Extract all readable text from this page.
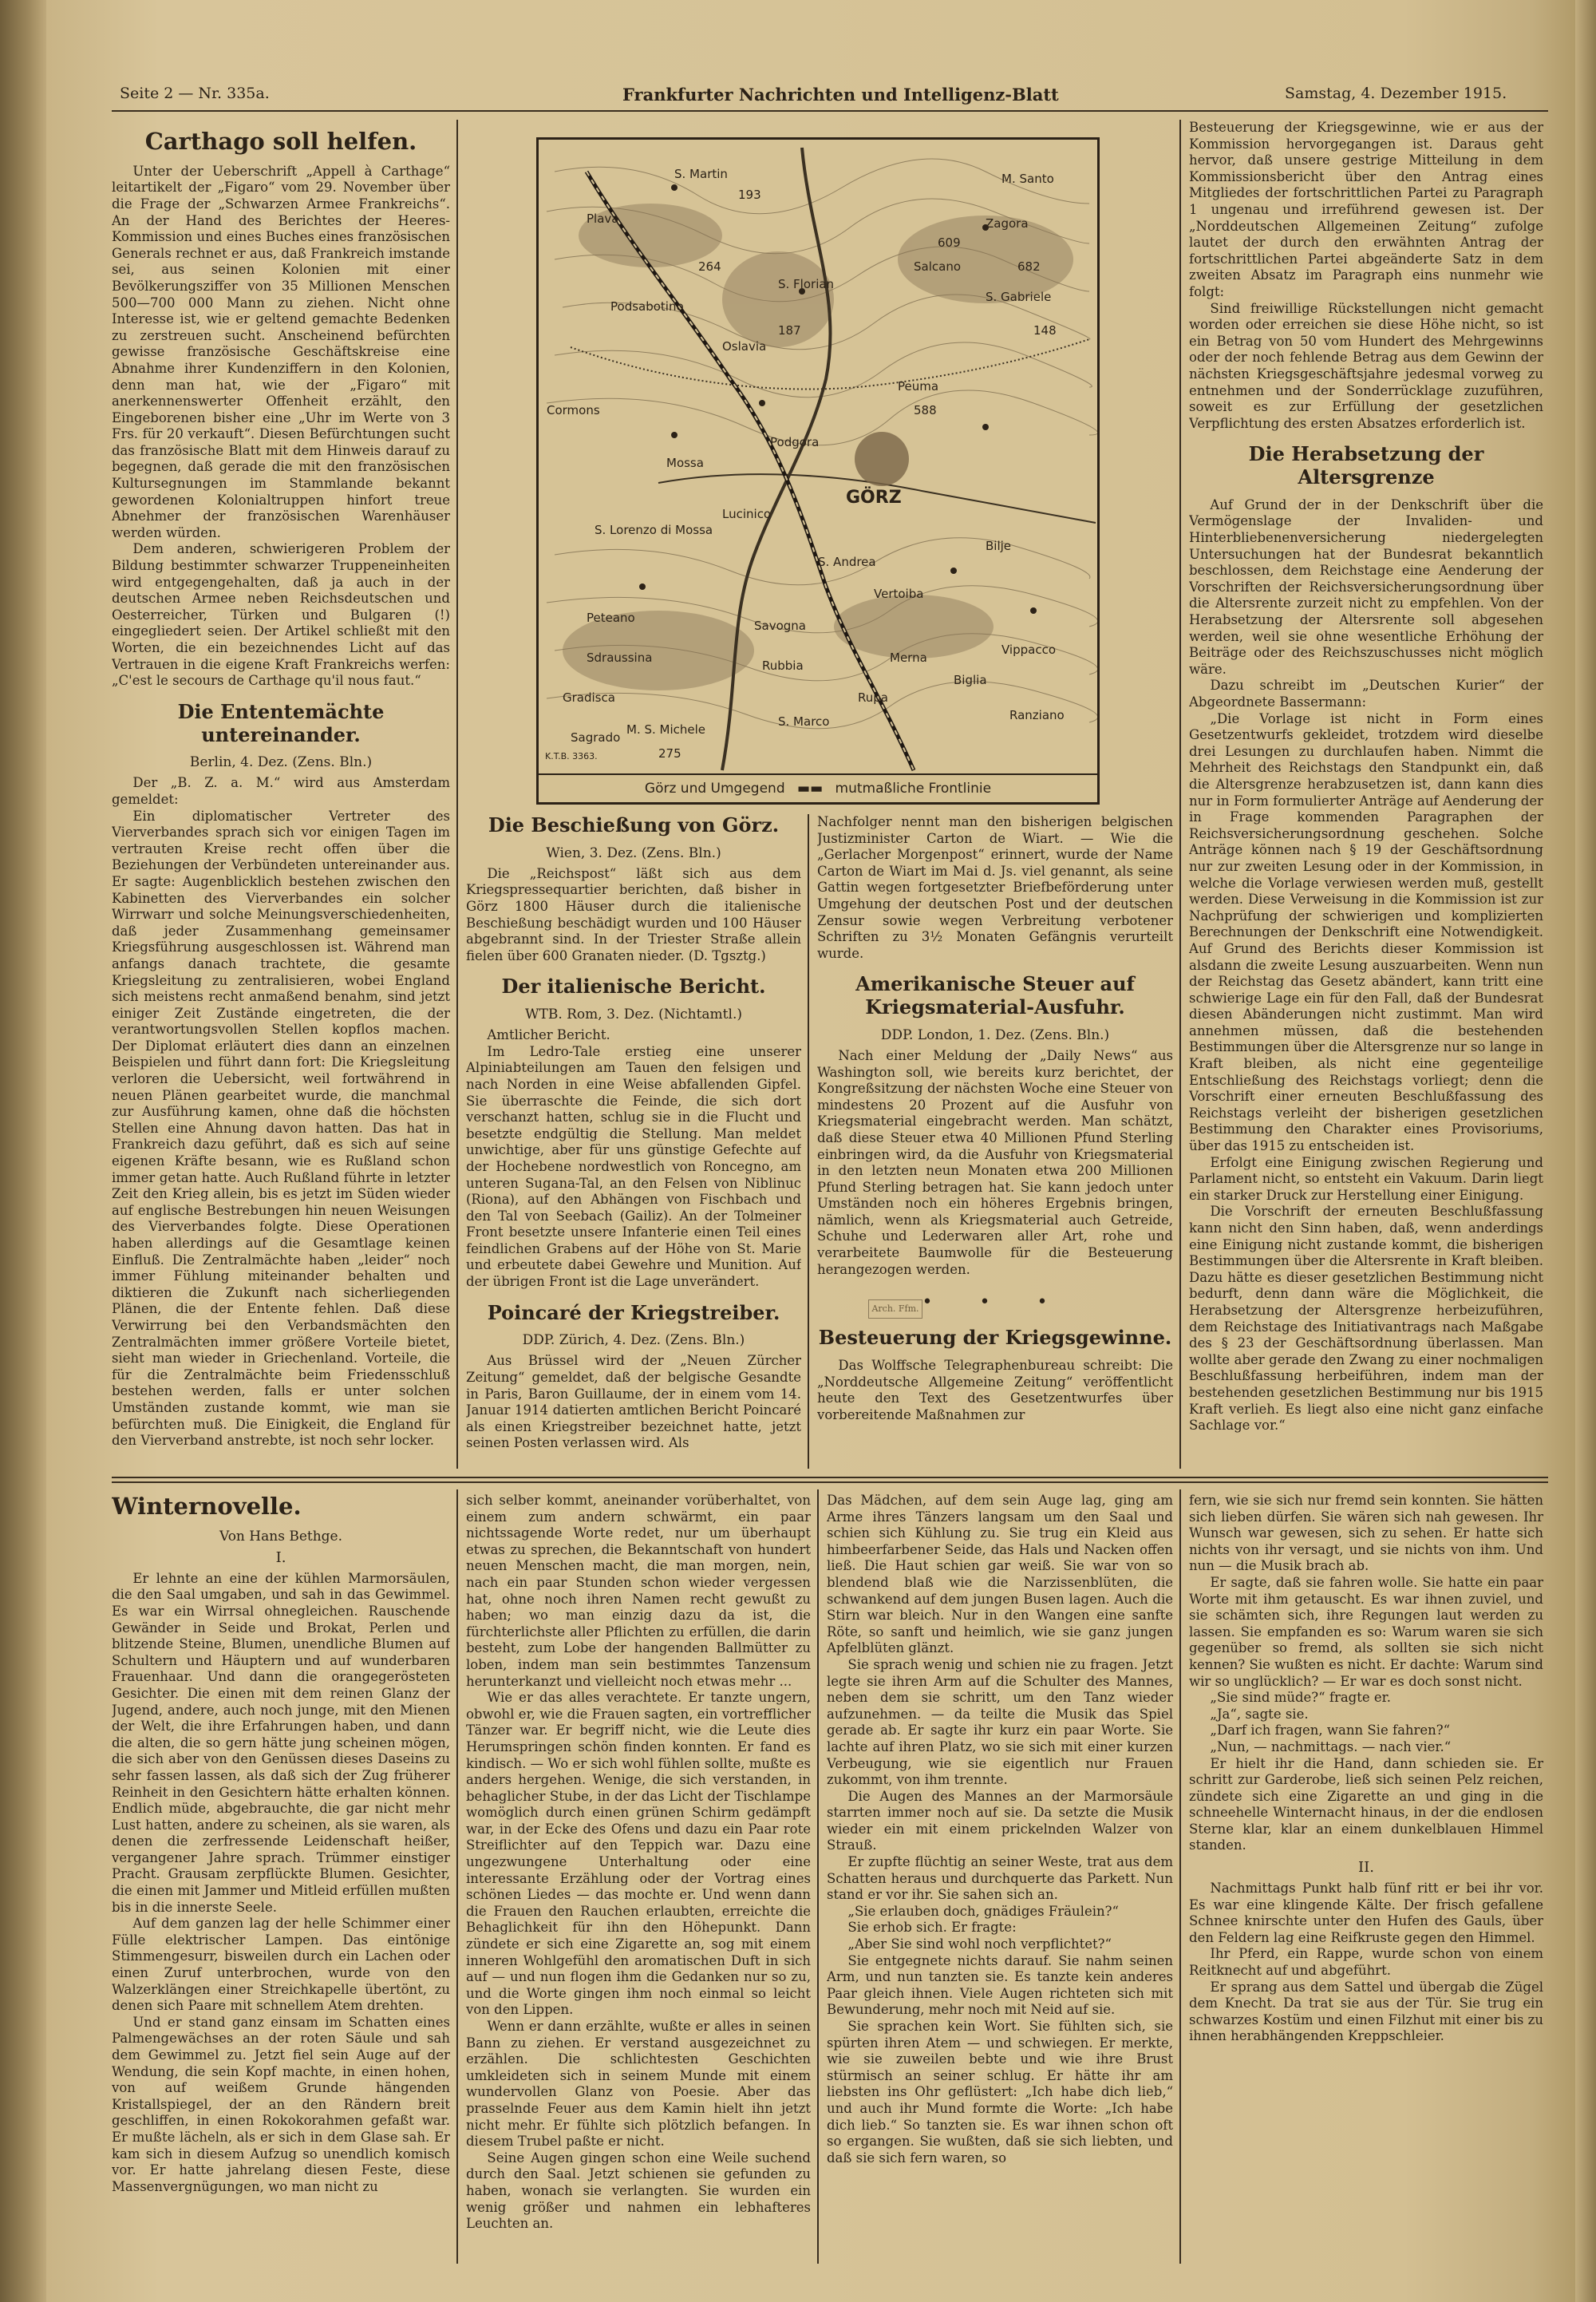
Seite 2 — Nr. 335a.	Frankfurter Nachrichten und Intelligenz-Blatt	Samstag, 4. Dezember 1915.
Carthago soll helfen.

Unter der Ueberschrift „Appell à Carthage“ leitartikelt der „Figaro“ vom 29. November über die Frage der „Schwarzen Armee Frankreichs“. An der Hand des Berichtes der Heeres-Kommission und eines Buches eines französischen Generals rechnet er aus, daß Frankreich imstande sei, aus seinen Kolonien mit einer Bevölkerungsziffer von 35 Millionen Menschen 500—700 000 Mann zu ziehen. Nicht ohne Interesse ist, wie er geltend gemachte Bedenken zu zerstreuen sucht. Anscheinend befürchten gewisse französische Geschäftskreise eine Abnahme ihrer Kundenziffern in den Kolonien, denn man hat, wie der „Figaro“ mit anerkennenswerter Offenheit erzählt, den Eingeborenen bisher eine „Uhr im Werte von 3 Frs. für 20 verkauft“. Diesen Befürchtungen sucht das französische Blatt mit dem Hinweis darauf zu begegnen, daß gerade die mit den französischen Kultursegnungen im Stammlande bekannt gewordenen Kolonialtruppen hinfort treue Abnehmer der französischen Warenhäuser werden würden.

Dem anderen, schwierigeren Problem der Bildung bestimmter schwarzer Truppeneinheiten wird entgegengehalten, daß ja auch in der deutschen Armee neben Reichsdeutschen und Oesterreicher, Türken und Bulgaren (!) eingegliedert seien. Der Artikel schließt mit den Worten, die ein bezeichnendes Licht auf das Vertrauen in die eigene Kraft Frankreichs werfen: „C'est le secours de Carthage qu'il nous faut.“

Die Ententemächte untereinander.
Berlin, 4. Dez. (Zens. Bln.)

Der „B. Z. a. M.“ wird aus Amsterdam gemeldet:

Ein diplomatischer Vertreter des Vierverbandes sprach sich vor einigen Tagen im vertrauten Kreise recht offen über die Beziehungen der Verbündeten untereinander aus. Er sagte: Augenblicklich bestehen zwischen den Kabinetten des Vierverbandes ein solcher Wirrwarr und solche Meinungsverschiedenheiten, daß jeder Zusammenhang gemeinsamer Kriegsführung ausgeschlossen ist. Während man anfangs danach trachtete, die gesamte Kriegsleitung zu zentralisieren, wobei England sich meistens recht anmaßend benahm, sind jetzt einiger Zeit Zustände eingetreten, die der verantwortungsvollen Stellen kopflos machen. Der Diplomat erläutert dies dann an einzelnen Beispielen und führt dann fort: Die Kriegsleitung verloren die Uebersicht, weil fortwährend in neuen Plänen gearbeitet wurde, die manchmal zur Ausführung kamen, ohne daß die höchsten Stellen eine Ahnung davon hatten. Das hat in Frankreich dazu geführt, daß es sich auf seine eigenen Kräfte besann, wie es Rußland schon immer getan hatte. Auch Rußland führte in letzter Zeit den Krieg allein, bis es jetzt im Süden wieder auf englische Bestrebungen hin neuen Weisungen des Vierverbandes folgte. Diese Operationen haben allerdings auf die Gesamtlage keinen Einfluß. Die Zentralmächte haben „leider“ noch immer Fühlung miteinander behalten und diktieren die Zukunft nach sicherliegenden Plänen, die der Entente fehlen. Daß diese Verwirrung bei den Verbandsmächten den Zentralmächten immer größere Vorteile bietet, sieht man wieder in Griechenland. Vorteile, die für die Zentralmächte beim Friedensschluß bestehen werden, falls er unter solchen Umständen zustande kommt, wie man sie befürchten muß. Die Einigkeit, die England für den Vierverband anstrebte, ist noch sehr locker.

GÖRZ
S. Martin
Plava
Podgora
Mossa
S. Florian
Zagora
S. Gabriele
M. Santo
Salcano
Lucinico
Peuma
S. Lorenzo di Mossa
S. Andrea
Vertoiba
Merna
Rupa
Biglia
Rubbia
M. S. Michele
Savogna
Sdraussina
Peteano
Vippacco
Ranziano
Bilje
Gradisca
Sagrado
S. Marco
Cormons
Podsabotino
Oslavia
193
264
187
609
148
275
682
588
K.T.B. 3363.
Görz und Umgegend ▬▬ mutmaßliche Frontlinie
Die Beschießung von Görz.
Wien, 3. Dez. (Zens. Bln.)

Die „Reichspost“ läßt sich aus dem Kriegspressequartier berichten, daß bisher in Görz 1800 Häuser durch die italienische Beschießung beschädigt wurden und 100 Häuser abgebrannt sind. In der Triester Straße allein fielen über 600 Granaten nieder. (D. Tgsztg.)

Der italienische Bericht.
WTB. Rom, 3. Dez. (Nichtamtl.)

Amtlicher Bericht.

Im Ledro-Tale erstieg eine unserer Alpiniabteilungen am Tauen den felsigen und nach Norden in eine Weise abfallenden Gipfel. Sie überraschte die Feinde, die sich dort verschanzt hatten, schlug sie in die Flucht und besetzte endgültig die Stellung. Man meldet unwichtige, aber für uns günstige Gefechte auf der Hochebene nordwestlich von Roncegno, am unteren Sugana-Tal, an den Felsen von Niblinuc (Riona), auf den Abhängen von Fischbach und den Tal von Seebach (Gailiz). An der Tolmeiner Front besetzte unsere Infanterie einen Teil eines feindlichen Grabens auf der Höhe von St. Marie und erbeutete dabei Gewehre und Munition. Auf der übrigen Front ist die Lage unverändert.

Poincaré der Kriegstreiber.
DDP. Zürich, 4. Dez. (Zens. Bln.)

Aus Brüssel wird der „Neuen Zürcher Zeitung“ gemeldet, daß der belgische Gesandte in Paris, Baron Guillaume, der in einem vom 14. Januar 1914 datierten amtlichen Bericht Poincaré als einen Kriegstreiber bezeichnet hatte, jetzt seinen Posten verlassen wird. Als

Nachfolger nennt man den bisherigen belgischen Justizminister Carton de Wiart. — Wie die „Gerlacher Morgenpost“ erinnert, wurde der Name Carton de Wiart im Mai d. Js. viel genannt, als seine Gattin wegen fortgesetzter Briefbeförderung unter Umgehung der deutschen Post und der deutschen Zensur sowie wegen Verbreitung verbotener Schriften zu 3½ Monaten Gefängnis verurteilt wurde.

Amerikanische Steuer auf Kriegsmaterial-Ausfuhr.
DDP. London, 1. Dez. (Zens. Bln.)

Nach einer Meldung der „Daily News“ aus Washington soll, wie bereits kurz berichtet, der Kongreßsitzung der nächsten Woche eine Steuer von mindestens 20 Prozent auf die Ausfuhr von Kriegsmaterial eingebracht werden. Man schätzt, daß diese Steuer etwa 40 Millionen Pfund Sterling einbringen wird, da die Ausfuhr von Kriegsmaterial in den letzten neun Monaten etwa 200 Millionen Pfund Sterling betragen hat. Sie kann jedoch unter Umständen noch ein höheres Ergebnis bringen, nämlich, wenn als Kriegsmaterial auch Getreide, Schuhe und Lederwaren aller Art, rohe und verarbeitete Baumwolle für die Besteuerung herangezogen werden.

• • •
Besteuerung der Kriegsgewinne.

Das Wolffsche Telegraphenbureau schreibt: Die „Norddeutsche Allgemeine Zeitung“ veröffentlicht heute den Text des Gesetzentwurfes über vorbereitende Maßnahmen zur

Besteuerung der Kriegsgewinne, wie er aus der Kommission hervorgegangen ist. Daraus geht hervor, daß unsere gestrige Mitteilung in dem Kommissionsbericht über den Antrag eines Mitgliedes der fortschrittlichen Partei zu Paragraph 1 ungenau und irreführend gewesen ist. Der „Norddeutschen Allgemeinen Zeitung“ zufolge lautet der durch den erwähnten Antrag der fortschrittlichen Partei abgeänderte Satz in dem zweiten Absatz im Paragraph eins nunmehr wie folgt:

Sind freiwillige Rückstellungen nicht gemacht worden oder erreichen sie diese Höhe nicht, so ist ein Betrag von 50 vom Hundert des Mehrgewinns oder der noch fehlende Betrag aus dem Gewinn der nächsten Kriegsgeschäftsjahre jedesmal vorweg zu entnehmen und der Sonderrücklage zuzuführen, soweit es zur Erfüllung der gesetzlichen Verpflichtung des ersten Absatzes erforderlich ist.

Die Herabsetzung der Altersgrenze

Auf Grund der in der Denkschrift über die Vermögenslage der Invaliden- und Hinterbliebenenversicherung niedergelegten Untersuchungen hat der Bundesrat bekanntlich beschlossen, dem Reichstage eine Aenderung der Vorschriften der Reichsversicherungsordnung über die Altersrente zurzeit nicht zu empfehlen. Von der Herabsetzung der Altersrente soll abgesehen werden, weil sie ohne wesentliche Erhöhung der Beiträge oder des Reichszuschusses nicht möglich wäre.

Dazu schreibt im „Deutschen Kurier“ der Abgeordnete Bassermann:

„Die Vorlage ist nicht in Form eines Gesetzentwurfs gekleidet, trotzdem wird dieselbe drei Lesungen zu durchlaufen haben. Nimmt die Mehrheit des Reichstags den Standpunkt ein, daß die Altersgrenze herabzusetzen ist, dann kann dies nur in Form formulierter Anträge auf Aenderung der in Frage kommenden Paragraphen der Reichsversicherungsordnung geschehen. Solche Anträge können nach § 19 der Geschäftsordnung nur zur zweiten Lesung oder in der Kommission, in welche die Vorlage verwiesen werden muß, gestellt werden. Diese Verweisung in die Kommission ist zur Nachprüfung der schwierigen und komplizierten Berechnungen der Denkschrift eine Notwendigkeit. Auf Grund des Berichts dieser Kommission ist alsdann die zweite Lesung auszuarbeiten. Wenn nun der Reichstag das Gesetz abändert, kann tritt eine schwierige Lage ein für den Fall, daß der Bundesrat diesen Abänderungen nicht zustimmt. Man wird annehmen müssen, daß die bestehenden Bestimmungen über die Altersgrenze nur so lange in Kraft bleiben, als nicht eine gegenteilige Entschließung des Reichstags vorliegt; denn die Vorschrift einer erneuten Beschlußfassung des Reichstags verleiht der bisherigen gesetzlichen Bestimmung den Charakter eines Provisoriums, über das 1915 zu entscheiden ist.

Erfolgt eine Einigung zwischen Regierung und Parlament nicht, so entsteht ein Vakuum. Darin liegt ein starker Druck zur Herstellung einer Einigung.

Die Vorschrift der erneuten Beschlußfassung kann nicht den Sinn haben, daß, wenn anderdings eine Einigung nicht zustande kommt, die bisherigen Bestimmungen über die Altersrente in Kraft bleiben. Dazu hätte es dieser gesetzlichen Bestimmung nicht bedurft, denn dann wäre die Möglichkeit, die Herabsetzung der Altersgrenze herbeizuführen, dem Reichstage des Initiativantrags nach Maßgabe des § 23 der Geschäftsordnung überlassen. Man wollte aber gerade den Zwang zu einer nochmaligen Beschlußfassung herbeiführen, indem man der bestehenden gesetzlichen Bestimmung nur bis 1915 Kraft verlieh. Es liegt also eine nicht ganz einfache Sachlage vor.“

Winternovelle.
Von Hans Bethge.
I.

Er lehnte an eine der kühlen Marmorsäulen, die den Saal umgaben, und sah in das Gewimmel. Es war ein Wirrsal ohnegleichen. Rauschende Gewänder in Seide und Brokat, Perlen und blitzende Steine, Blumen, unendliche Blumen auf Schultern und Häuptern und auf wunderbaren Frauenhaar. Und dann die orangegerösteten Gesichter. Die einen mit dem reinen Glanz der Jugend, andere, auch noch junge, mit den Mienen der Welt, die ihre Erfahrungen haben, und dann die alten, die so gern hätte jung scheinen mögen, die sich aber von den Genüssen dieses Daseins zu sehr fassen lassen, als daß sich der Zug früherer Reinheit in den Gesichtern hätte erhalten können. Endlich müde, abgebrauchte, die gar nicht mehr Lust hatten, andere zu scheinen, als sie waren, als denen die zerfressende Leidenschaft heißer, vergangener Jahre sprach. Trümmer einstiger Pracht. Grausam zerpflückte Blumen. Gesichter, die einen mit Jammer und Mitleid erfüllen mußten bis in die innerste Seele.

Auf dem ganzen lag der helle Schimmer einer Fülle elektrischer Lampen. Das eintönige Stimmengesurr, bisweilen durch ein Lachen oder einen Zuruf unterbrochen, wurde von den Walzerklängen einer Streichkapelle übertönt, zu denen sich Paare mit schnellem Atem drehten.

Und er stand ganz einsam im Schatten eines Palmengewächses an der roten Säule und sah dem Gewimmel zu. Jetzt fiel sein Auge auf der Wendung, die sein Kopf machte, in einen hohen, von auf weißem Grunde hängenden Kristallspiegel, der an den Rändern breit geschliffen, in einen Rokokorahmen gefaßt war. Er mußte lächeln, als er sich in dem Glase sah. Er kam sich in diesem Aufzug so unendlich komisch vor. Er hatte jahrelang diesen Feste, diese Massenvergnügungen, wo man nicht zu

sich selber kommt, aneinander vorüberhaltet, von einem zum andern schwärmt, ein paar nichtssagende Worte redet, nur um überhaupt etwas zu sprechen, die Bekanntschaft von hundert neuen Menschen macht, die man morgen, nein, nach ein paar Stunden schon wieder vergessen hat, ohne noch ihren Namen recht gewußt zu haben; wo man einzig dazu da ist, die fürchterlichste aller Pflichten zu erfüllen, die darin besteht, zum Lobe der hangenden Ballmütter zu loben, indem man sein bestimmtes Tanzensum herunterkanzt und vielleicht noch etwas mehr ...

Wie er das alles verachtete. Er tanzte ungern, obwohl er, wie die Frauen sagten, ein vortrefflicher Tänzer war. Er begriff nicht, wie die Leute dies Herumspringen schön finden konnten. Er fand es kindisch. — Wo er sich wohl fühlen sollte, mußte es anders hergehen. Wenige, die sich verstanden, in behaglicher Stube, in der das Licht der Tischlampe womöglich durch einen grünen Schirm gedämpft war, in der Ecke des Ofens und dazu ein Paar rote Streiflichter auf den Teppich war. Dazu eine ungezwungene Unterhaltung oder eine interessante Erzählung oder der Vortrag eines schönen Liedes — das mochte er. Und wenn dann die Frauen den Rauchen erlaubten, erreichte die Behaglichkeit für ihn den Höhepunkt. Dann zündete er sich eine Zigarette an, sog mit einem inneren Wohlgefühl den aromatischen Duft in sich auf — und nun flogen ihm die Gedanken nur so zu, und die Worte gingen ihm noch einmal so leicht von den Lippen.

Wenn er dann erzählte, wußte er alles in seinen Bann zu ziehen. Er verstand ausgezeichnet zu erzählen. Die schlichtesten Geschichten umkleideten sich in seinem Munde mit einem wundervollen Glanz von Poesie. Aber das prasselnde Feuer aus dem Kamin hielt ihn jetzt nicht mehr. Er fühlte sich plötzlich befangen. In diesem Trubel paßte er nicht.

Seine Augen gingen schon eine Weile suchend durch den Saal. Jetzt schienen sie gefunden zu haben, wonach sie verlangten. Sie wurden ein wenig größer und nahmen ein lebhafteres Leuchten an.

Das Mädchen, auf dem sein Auge lag, ging am Arme ihres Tänzers langsam um den Saal und schien sich Kühlung zu. Sie trug ein Kleid aus himbeerfarbener Seide, das Hals und Nacken offen ließ. Die Haut schien gar weiß. Sie war von so blendend blaß wie die Narzissenblüten, die schwankend auf dem jungen Busen lagen. Auch die Stirn war bleich. Nur in den Wangen eine sanfte Röte, so sanft und heimlich, wie sie ganz jungen Apfelblüten glänzt.

Sie sprach wenig und schien nie zu fragen. Jetzt legte sie ihren Arm auf die Schulter des Mannes, neben dem sie schritt, um den Tanz wieder aufzunehmen. — da teilte die Musik das Spiel gerade ab. Er sagte ihr kurz ein paar Worte. Sie lachte auf ihren Platz, wo sie sich mit einer kurzen Verbeugung, wie sie eigentlich nur Frauen zukommt, von ihm trennte.

Die Augen des Mannes an der Marmorsäule starrten immer noch auf sie. Da setzte die Musik wieder ein mit einem prickelnden Walzer von Strauß.

Er zupfte flüchtig an seiner Weste, trat aus dem Schatten heraus und durchquerte das Parkett. Nun stand er vor ihr. Sie sahen sich an.

„Sie erlauben doch, gnädiges Fräulein?“

Sie erhob sich. Er fragte:

„Aber Sie sind wohl noch verpflichtet?“

Sie entgegnete nichts darauf. Sie nahm seinen Arm, und nun tanzten sie. Es tanzte kein anderes Paar gleich ihnen. Viele Augen richteten sich mit Bewunderung, mehr noch mit Neid auf sie.

Sie sprachen kein Wort. Sie fühlten sich, sie spürten ihren Atem — und schwiegen. Er merkte, wie sie zuweilen bebte und wie ihre Brust stürmisch an seiner schlug. Er hätte ihr am liebsten ins Ohr geflüstert: „Ich habe dich lieb,“ und auch ihr Mund formte die Worte: „Ich habe dich lieb.“ So tanzten sie. Es war ihnen schon oft so ergangen. Sie wußten, daß sie sich liebten, und daß sie sich fern waren, so

fern, wie sie sich nur fremd sein konnten. Sie hätten sich lieben dürfen. Sie wären sich nah gewesen. Ihr Wunsch war gewesen, sich zu sehen. Er hatte sich nichts von ihr versagt, und sie nichts von ihm. Und nun — die Musik brach ab.

Er sagte, daß sie fahren wolle. Sie hatte ein paar Worte mit ihm getauscht. Es war ihnen zuviel, und sie schämten sich, ihre Regungen laut werden zu lassen. Sie empfanden es so: Warum waren sie sich gegenüber so fremd, als sollten sie sich nicht kennen? Sie wußten es nicht. Er dachte: Warum sind wir so unglücklich? — Er war es doch sonst nicht.

„Sie sind müde?“ fragte er.

„Ja“, sagte sie.

„Darf ich fragen, wann Sie fahren?“

„Nun, — nachmittags. — nach vier.“

Er hielt ihr die Hand, dann schieden sie. Er schritt zur Garderobe, ließ sich seinen Pelz reichen, zündete sich eine Zigarette an und ging in die schneehelle Winternacht hinaus, in der die endlosen Sterne klar, klar an einem dunkelblauen Himmel standen.

II.

Nachmittags Punkt halb fünf ritt er bei ihr vor. Es war eine klingende Kälte. Der frisch gefallene Schnee knirschte unter den Hufen des Gauls, über den Feldern lag eine Reifkruste gegen den Himmel.

Ihr Pferd, ein Rappe, wurde schon von einem Reitknecht auf und abgeführt.

Er sprang aus dem Sattel und übergab die Zügel dem Knecht. Da trat sie aus der Tür. Sie trug ein schwarzes Kostüm und einen Filzhut mit einer bis zu ihnen herabhängenden Kreppschleier.

Arch. Ffm.
